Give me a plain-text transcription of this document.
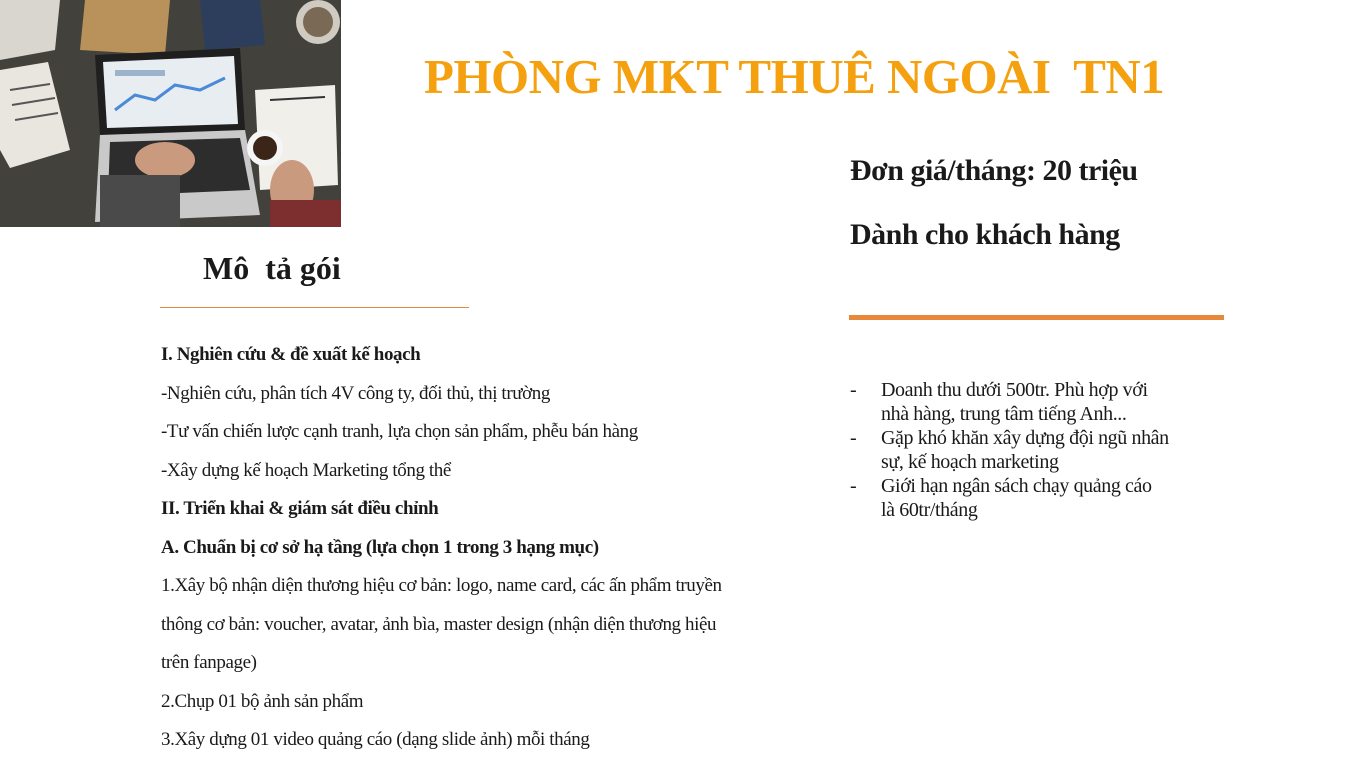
PHÒNG MKT THUÊ NGOÀI  TN1
Mô  tả gói
I. Nghiên cứu & đề xuất kế hoạch
-Nghiên cứu, phân tích 4V công ty, đối thủ, thị trường
-Tư vấn chiến lược cạnh tranh, lựa chọn sản phẩm, phễu bán hàng
-Xây dựng kế hoạch Marketing tổng thể
II. Triển khai & giám sát điều chỉnh
A. Chuẩn bị cơ sở hạ tầng (lựa chọn 1 trong 3 hạng mục)
1.Xây bộ nhận diện thương hiệu cơ bản: logo, name card, các ấn phẩm truyền
thông cơ bản: voucher, avatar, ảnh bìa, master design (nhận diện thương hiệu
trên fanpage)
2.Chụp 01 bộ ảnh sản phẩm
3.Xây dựng 01 video quảng cáo (dạng slide ảnh) mỗi tháng
Đơn giá/tháng: 20 triệu
Dành cho khách hàng
- Doanh thu dưới 500tr. Phù hợp với
nhà hàng, trung tâm tiếng Anh...
- Gặp khó khăn xây dựng đội ngũ nhân
sự, kế hoạch marketing
- Giới hạn ngân sách chạy quảng cáo
là 60tr/tháng
